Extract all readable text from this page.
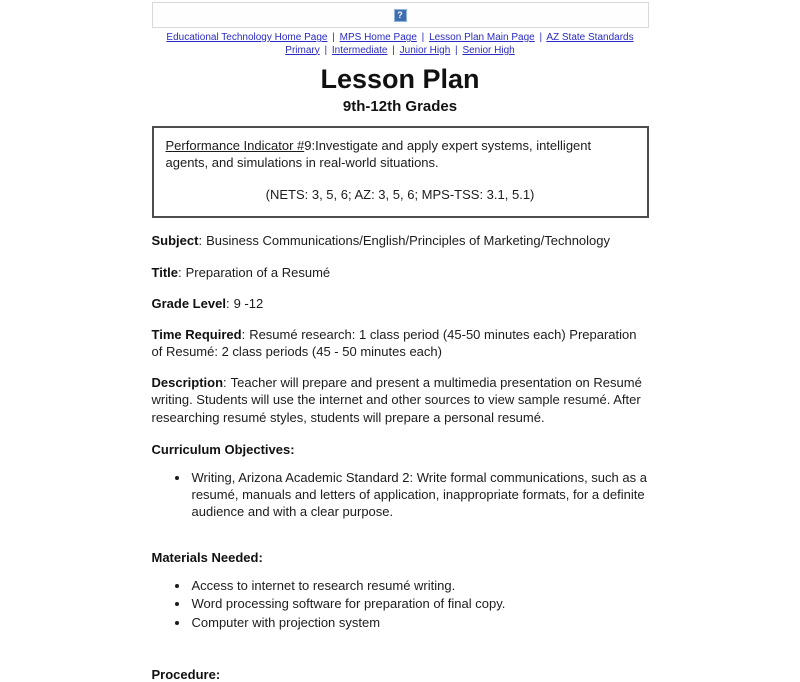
?
Educational Technology Home Page | MPS Home Page | Lesson Plan Main Page | AZ State Standards
Primary | Intermediate | Junior High | Senior High
Lesson Plan
9th-12th Grades
Performance Indicator #9:Investigate and apply expert systems, intelligent agents, and simulations in real-world situations.
(NETS: 3, 5, 6; AZ: 3, 5, 6; MPS-TSS: 3.1, 5.1)

Subject: Business Communications/English/Principles of Marketing/Technology

Title: Preparation of a Resumé

Grade Level: 9 -12

Time Required: Resumé research: 1 class period (45-50 minutes each) Preparation of Resumé: 2 class periods (45 - 50 minutes each)

Description: Teacher will prepare and present a multimedia presentation on Resumé writing. Students will use the internet and other sources to view sample resumé. After researching resumé styles, students will prepare a personal resumé.

Curriculum Objectives:
• Writing, Arizona Academic Standard 2: Write formal communications, such as a resumé, manuals and letters of application, inappropriate formats, for a definite audience and with a clear purpose.
Materials Needed:
• Access to internet to research resumé writing.
• Word processing software for preparation of final copy.
• Computer with projection system
Procedure:
